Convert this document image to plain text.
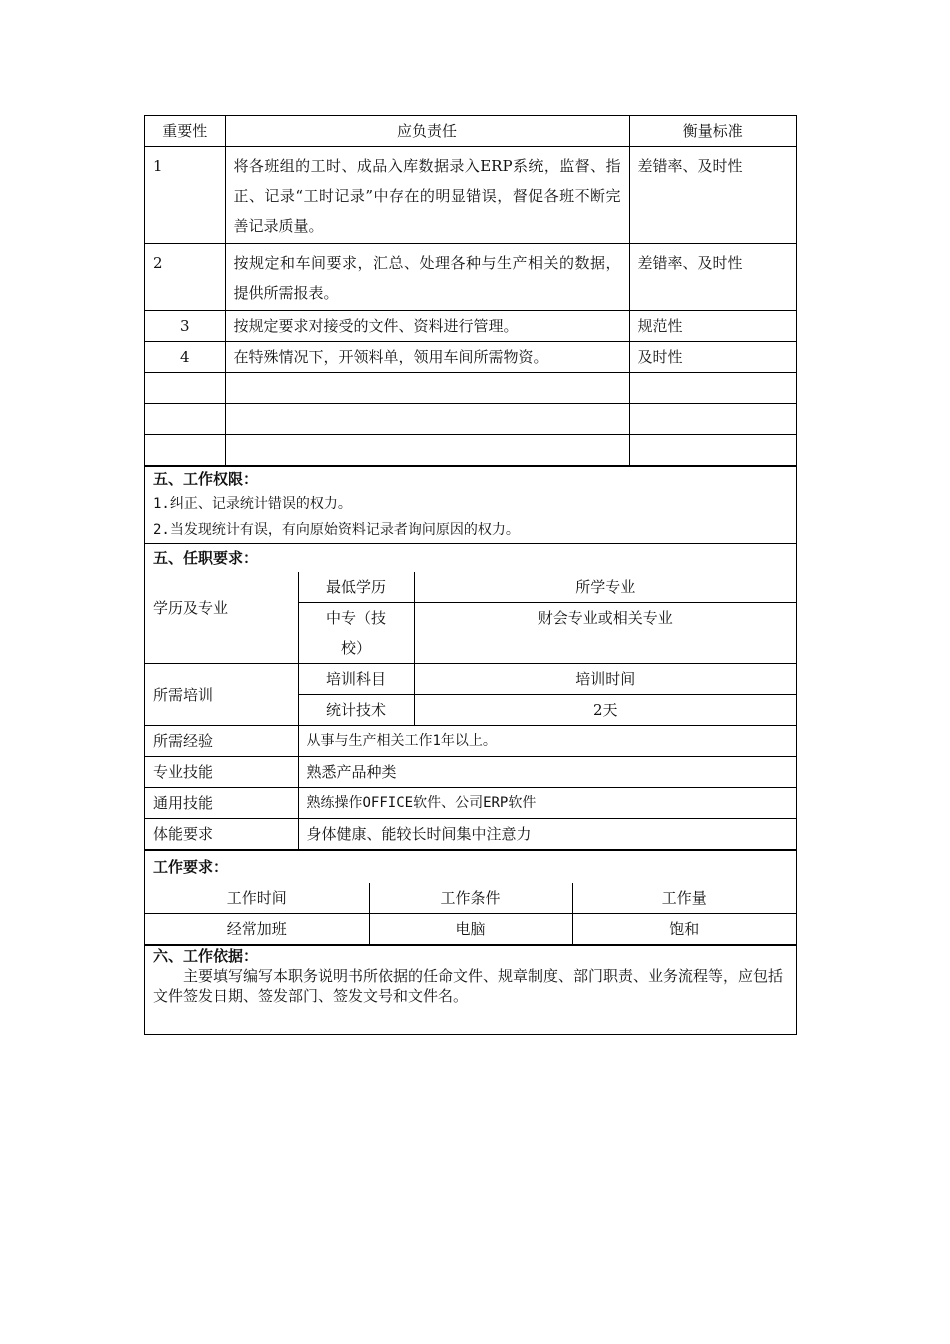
重要性	应负责任	衡量标准
1	将各班组的工时、成品入库数据录入ERP系统，监督、指正、记录“工时记录”中存在的明显错误，督促各班不断完善记录质量。	差错率、及时性
2	按规定和车间要求，汇总、处理各种与生产相关的数据，提供所需报表。	差错率、及时性
3	按规定要求对接受的文件、资料进行管理。	规范性
4	在特殊情况下，开领料单，领用车间所需物资。	及时性

五、工作权限：
1.纠正、记录统计错误的权力。
2.当发现统计有误，有向原始资料记录者询问原因的权力。
五、任职要求：
学历及专业	最低学历	所学专业
	中专（技校）	财会专业或相关专业
所需培训	培训科目	培训时间
	统计技术	2天
所需经验	从事与生产相关工作1年以上。	
专业技能	熟悉产品种类	
通用技能	熟练操作OFFICE软件、公司ERP软件	
体能要求	身体健康、能较长时间集中注意力	
工作要求：
工作时间	工作条件	工作量
经常加班	电脑	饱和
六、工作依据：

主要填写编写本职务说明书所依据的任命文件、规章制度、部门职责、业务流程等，应包括文件签发日期、签发部门、签发文号和文件名。
